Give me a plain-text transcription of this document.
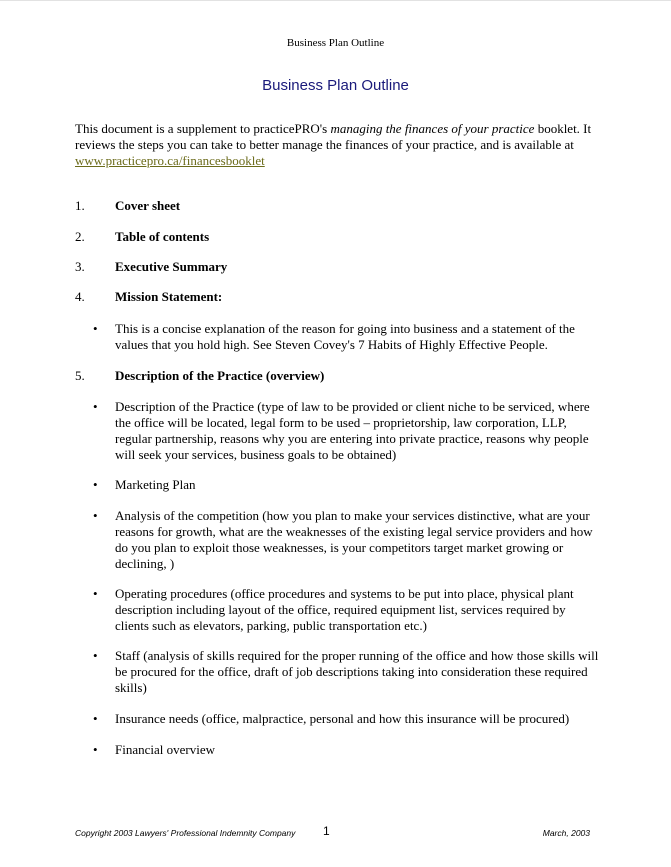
Business Plan Outline
Business Plan Outline
This document is a supplement to practicePRO's managing the finances of your practice booklet. It reviews the steps you can take to better manage the finances of your practice, and is available at www.practicepro.ca/financesbooklet
1. Cover sheet
2. Table of contents
3. Executive Summary
4. Mission Statement:
• This is a concise explanation of the reason for going into business and a statement of the values that you hold high. See Steven Covey's 7 Habits of Highly Effective People.
5. Description of the Practice (overview)
• Description of the Practice (type of law to be provided or client niche to be serviced, where the office will be located, legal form to be used – proprietorship, law corporation, LLP, regular partnership, reasons why you are entering into private practice, reasons why people will seek your services, business goals to be obtained)
• Marketing Plan
• Analysis of the competition (how you plan to make your services distinctive, what are your reasons for growth, what are the weaknesses of the existing legal service providers and how do you plan to exploit those weaknesses, is your competitors target market growing or declining, )
• Operating procedures (office procedures and systems to be put into place, physical plant description including layout of the office, required equipment list, services required by clients such as elevators, parking, public transportation etc.)
• Staff (analysis of skills required for the proper running of the office and how those skills will be procured for the office, draft of job descriptions taking into consideration these required skills)
• Insurance needs (office, malpractice, personal and how this insurance will be procured)
• Financial overview
Copyright 2003 Lawyers' Professional Indemnity Company 1	March, 2003
